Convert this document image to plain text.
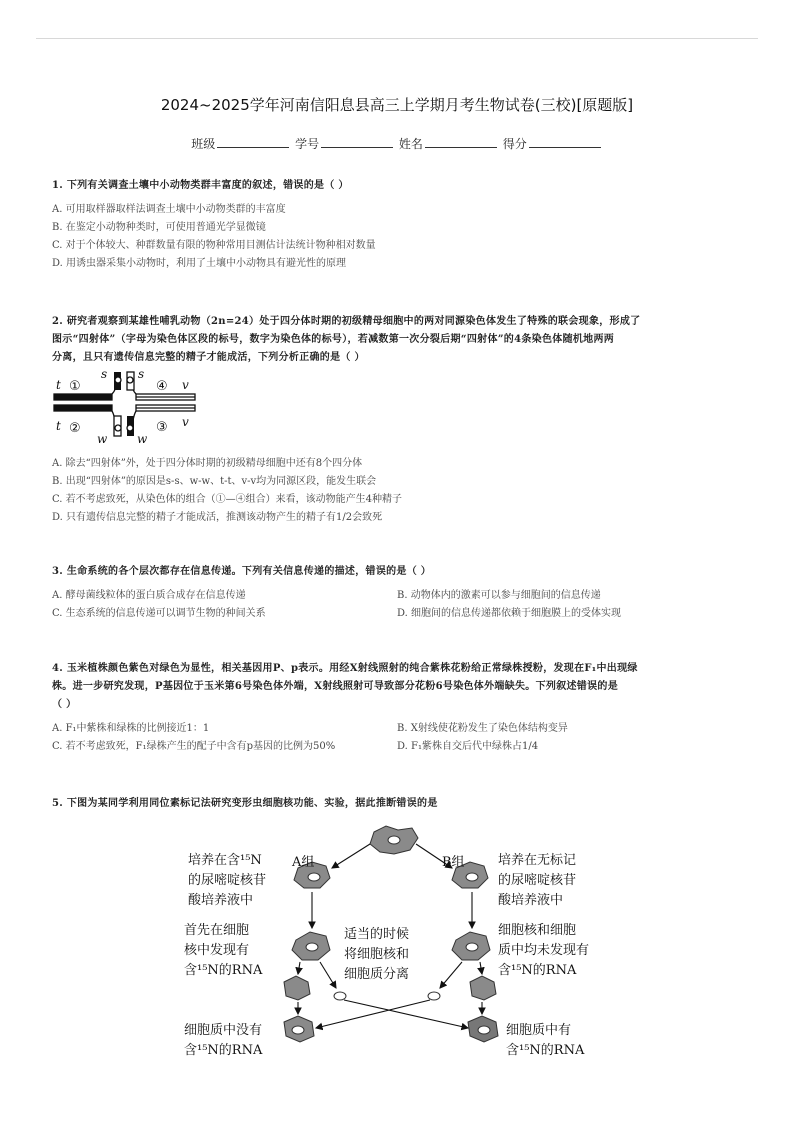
2024~2025学年河南信阳息县高三上学期月考生物试卷(三校)[原题版]
班级	学号	姓名	得分
1. 下列有关调查土壤中小动物类群丰富度的叙述，错误的是（ ）
A. 可用取样器取样法调查土壤中小动物类群的丰富度
B. 在鉴定小动物种类时，可使用普通光学显微镜
C. 对于个体较大、种群数量有限的物种常用目测估计法统计物种相对数量
D. 用诱虫器采集小动物时，利用了土壤中小动物具有避光性的原理
2. 研究者观察到某雄性哺乳动物（2n=24）处于四分体时期的初级精母细胞中的两对同源染色体发生了特殊的联会现象，形成了
图示“四射体”（字母为染色体区段的标号，数字为染色体的标号），若减数第一次分裂后期“四射体”的4条染色体随机地两两
分离，且只有遗传信息完整的精子才能成活，下列分析正确的是（ ）
t
t
s	s
v
v
w w
①
②	③
④
A. 除去“四射体”外，处于四分体时期的初级精母细胞中还有8个四分体
B. 出现“四射体”的原因是s-s、w-w、t-t、v-v均为同源区段，能发生联会
C. 若不考虑致死，从染色体的组合（①—④组合）来看，该动物能产生4种精子
D. 只有遗传信息完整的精子才能成活，推测该动物产生的精子有1/2会致死
3. 生命系统的各个层次都存在信息传递。下列有关信息传递的描述，错误的是（ ）
A. 酵母菌线粒体的蛋白质合成存在信息传递	B. 动物体内的激素可以参与细胞间的信息传递
C. 生态系统的信息传递可以调节生物的种间关系	D. 细胞间的信息传递都依赖于细胞膜上的受体实现
4. 玉米植株颜色紫色对绿色为显性，相关基因用P、p表示。用经X射线照射的纯合紫株花粉给正常绿株授粉，发现在F₁中出现绿
株。进一步研究发现，P基因位于玉米第6号染色体外端，X射线照射可导致部分花粉6号染色体外端缺失。下列叙述错误的是
（ ）
A. F₁中紫株和绿株的比例接近1：1	B. X射线使花粉发生了染色体结构变异
C. 若不考虑致死，F₁绿株产生的配子中含有p基因的比例为50%	D. F₁紫株自交后代中绿株占1/4
5. 下图为某同学利用同位素标记法研究变形虫细胞核功能、实验，据此推断错误的是
A组	B组
培养在含¹⁵N
的尿嘧啶核苷
酸培养液中
培养在无标记
的尿嘧啶核苷
酸培养液中
首先在细胞
核中发现有
含¹⁵N的RNA
适当的时候
将细胞核和
细胞质分离
细胞核和细胞
质中均未发现有
含¹⁵N的RNA
细胞质中没有
含¹⁵N的RNA
细胞质中有
含¹⁵N的RNA
